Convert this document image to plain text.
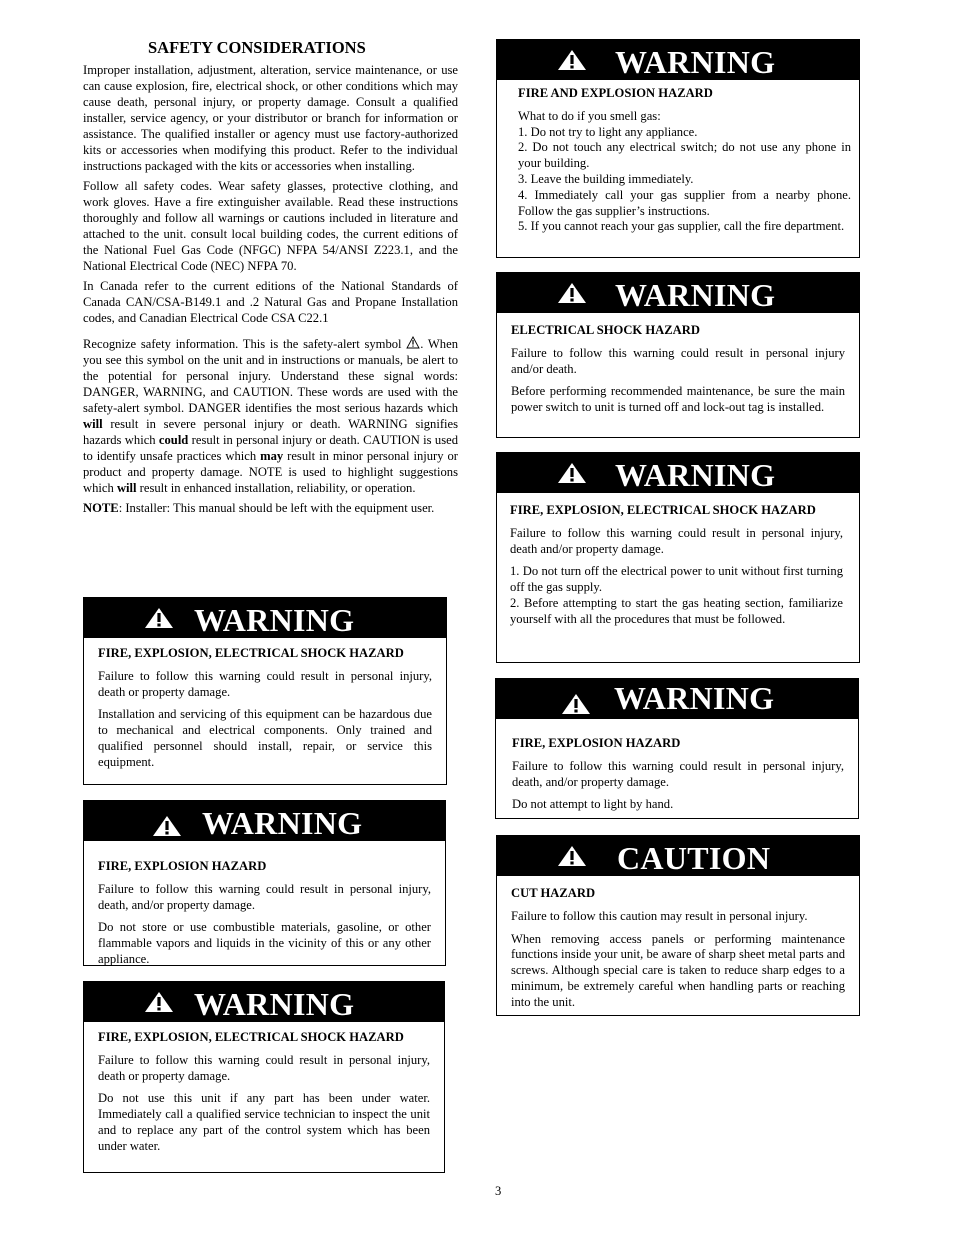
SAFETY CONSIDERATIONS

Improper installation, adjustment, alteration, service maintenance, or use can cause explosion, fire, electrical shock, or other conditions which may cause death, personal injury, or property damage. Consult a qualified installer, service agency, or your distributor or branch for information or assistance. The qualified installer or agency must use factory-authorized kits or accessories when modifying this product. Refer to the individual instructions packaged with the kits or accessories when installing.

Follow all safety codes. Wear safety glasses, protective clothing, and work gloves. Have a fire extinguisher available. Read these instructions thoroughly and follow all warnings or cautions included in literature and attached to the unit. consult local building codes, the current editions of the National Fuel Gas Code (NFGC) NFPA 54/ANSI Z223.1, and the National Electrical Code (NEC) NFPA 70.

In Canada refer to the current editions of the National Standards of Canada CAN/CSA-B149.1 and .2 Natural Gas and Propane Installation codes, and Canadian Electrical Code CSA C22.1

Recognize safety information. This is the safety-alert symbol . When you see this symbol on the unit and in instructions or manuals, be alert to the potential for personal injury. Understand these signal words: DANGER, WARNING, and CAUTION. These words are used with the safety-alert symbol. DANGER identifies the most serious hazards which will result in severe personal injury or death. WARNING signifies hazards which could result in personal injury or death. CAUTION is used to identify unsafe practices which may result in minor personal injury or product and property damage. NOTE is used to highlight suggestions which will result in enhanced installation, reliability, or operation.

NOTE: Installer: This manual should be left with the equipment user.

WARNING
FIRE, EXPLOSION, ELECTRICAL SHOCK HAZARD

Failure to follow this warning could result in personal injury, death or property damage.

Installation and servicing of this equipment can be hazardous due to mechanical and electrical components. Only trained and qualified personnel should install, repair, or service this equipment.

WARNING
FIRE, EXPLOSION HAZARD

Failure to follow this warning could result in personal injury, death, and/or property damage.

Do not store or use combustible materials, gasoline, or other flammable vapors and liquids in the vicinity of this or any other appliance.

WARNING
FIRE, EXPLOSION, ELECTRICAL SHOCK HAZARD

Failure to follow this warning could result in personal injury, death or property damage.

Do not use this unit if any part has been under water. Immediately call a qualified service technician to inspect the unit and to replace any part of the control system which has been under water.

WARNING
FIRE AND EXPLOSION HAZARD

What to do if you smell gas:

1. Do not try to light any appliance.

2. Do not touch any electrical switch; do not use any phone in your building.

3. Leave the building immediately.

4. Immediately call your gas supplier from a nearby phone. Follow the gas supplier’s instructions.

5. If you cannot reach your gas supplier, call the fire department.

WARNING
ELECTRICAL SHOCK HAZARD

Failure to follow this warning could result in personal injury and/or death.

Before performing recommended maintenance, be sure the main power switch to unit is turned off and lock-out tag is installed.

WARNING
FIRE, EXPLOSION, ELECTRICAL SHOCK HAZARD

Failure to follow this warning could result in personal injury, death and/or property damage.

1. Do not turn off the electrical power to unit without first turning off the gas supply.

2. Before attempting to start the gas heating section, familiarize yourself with all the procedures that must be followed.

WARNING
FIRE, EXPLOSION HAZARD

Failure to follow this warning could result in personal injury, death, and/or property damage.

Do not attempt to light by hand.

CAUTION
CUT HAZARD

Failure to follow this caution may result in personal injury.

When removing access panels or performing maintenance functions inside your unit, be aware of sharp sheet metal parts and screws. Although special care is taken to reduce sharp edges to a minimum, be extremely careful when handling parts or reaching into the unit.

3
